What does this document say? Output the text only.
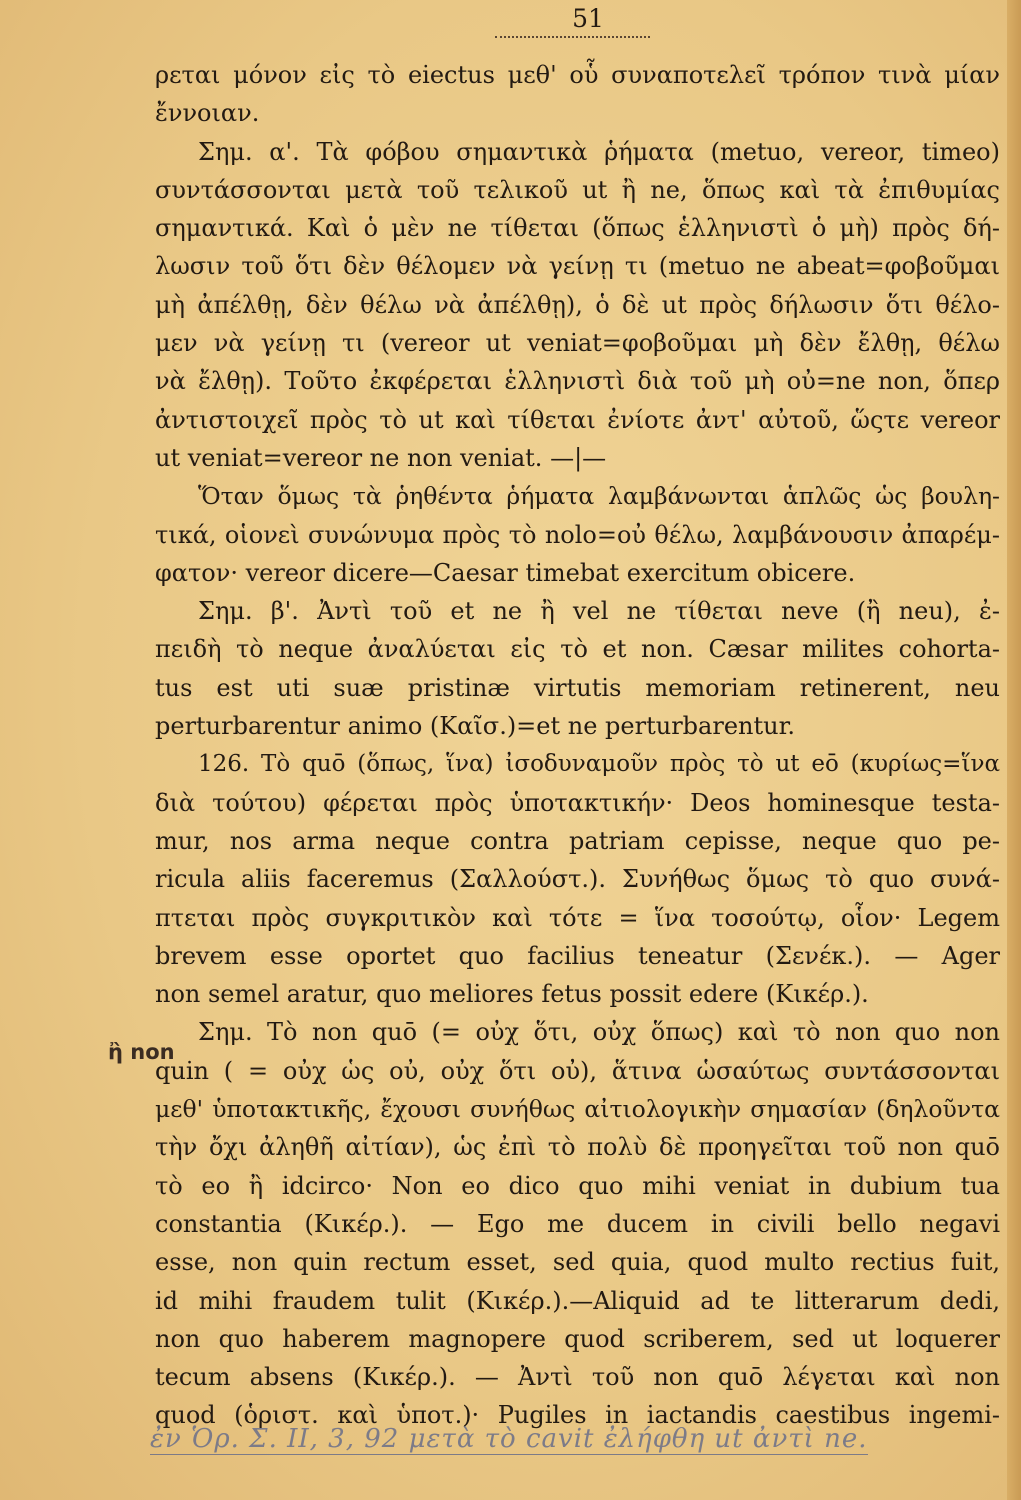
51
ἢ non
ρεται μόνον εἰς τὸ eiectus μεθ' οὗ συναποτελεῖ τρόπον τινὰ μίαν
ἔννοιαν.
Σημ. α'. Τὰ φόβου σημαντικὰ ῥήματα (metuo, vereor, timeo)
συντάσσονται μετὰ τοῦ τελικοῦ ut ἢ ne, ὅπως καὶ τὰ ἐπιθυμίας
σημαντικά. Καὶ ὁ μὲν ne τίθεται (ὅπως ἑλληνιστὶ ὁ μὴ) πρὸς δή-
λωσιν τοῦ ὅτι δὲν θέλομεν νὰ γείνῃ τι (metuo ne abeat=φοβοῦμαι
μὴ ἀπέλθῃ, δὲν θέλω νὰ ἀπέλθῃ), ὁ δὲ ut πρὸς δήλωσιν ὅτι θέλο-
μεν νὰ γείνῃ τι (vereor ut veniat=φοβοῦμαι μὴ δὲν ἔλθῃ, θέλω
νὰ ἔλθῃ). Τοῦτο ἐκφέρεται ἑλληνιστὶ διὰ τοῦ μὴ οὐ=ne non, ὅπερ
ἀντιστοιχεῖ πρὸς τὸ ut καὶ τίθεται ἐνίοτε ἀντ' αὐτοῦ, ὥςτε vereor
ut veniat=vereor ne non veniat. —|—
Ὅταν ὅμως τὰ ῥηθέντα ῥήματα λαμβάνωνται ἁπλῶς ὡς βουλη-
τικά, οἱονεὶ συνώνυμα πρὸς τὸ nolo=οὐ θέλω, λαμβάνουσιν ἀπαρέμ-
φατον· vereor dicere—Caesar timebat exercitum obicere.
Σημ. β'. Ἀντὶ τοῦ et ne ἢ vel ne τίθεται neve (ἢ neu), ἐ-
πειδὴ τὸ neque ἀναλύεται εἰς τὸ et non. Cæsar milites cohorta-
tus est uti suæ pristinæ virtutis memoriam retinerent, neu
perturbarentur animo (Καῖσ.)=et ne perturbarentur.
126. Τὸ quō (ὅπως, ἵνα) ἰσοδυναμοῦν πρὸς τὸ ut eō (κυρίως=ἵνα
διὰ τούτου) φέρεται πρὸς ὑποτακτικήν· Deos hominesque testa-
mur, nos arma neque contra patriam cepisse, neque quo pe-
ricula aliis faceremus (Σαλλούστ.). Συνήθως ὅμως τὸ quo συνά-
πτεται πρὸς συγκριτικὸν καὶ τότε = ἵνα τοσούτῳ, οἷον· Legem
brevem esse oportet quo facilius teneatur (Σενέκ.). — Ager
non semel aratur, quo meliores fetus possit edere (Κικέρ.).
Σημ. Τὸ non quō (= οὐχ ὅτι, οὐχ ὅπως) καὶ τὸ non quo non
quin ( = οὐχ ὡς οὐ, οὐχ ὅτι οὐ), ἅτινα ὡσαύτως συντάσσονται
μεθ' ὑποτακτικῆς, ἔχουσι συνήθως αἰτιολογικὴν σημασίαν (δηλοῦντα
τὴν ὄχι ἀληθῆ αἰτίαν), ὡς ἐπὶ τὸ πολὺ δὲ προηγεῖται τοῦ non quō
τὸ eo ἢ idcirco· Non eo dico quo mihi veniat in dubium tua
constantia (Κικέρ.). — Ego me ducem in civili bello negavi
esse, non quin rectum esset, sed quia, quod multo rectius fuit,
id mihi fraudem tulit (Κικέρ.).—Aliquid ad te litterarum dedi,
non quo haberem magnopere quod scriberem, sed ut loquerer
tecum absens (Κικέρ.). — Ἀντὶ τοῦ non quō λέγεται καὶ non
quod (ὁριστ. καὶ ὑποτ.)· Pugiles in iactandis caestibus ingemi-
ἐν Ὁρ. Σ. II, 3, 92 μετὰ τὸ cavit ἐλήφθη ut ἀντὶ ne.
